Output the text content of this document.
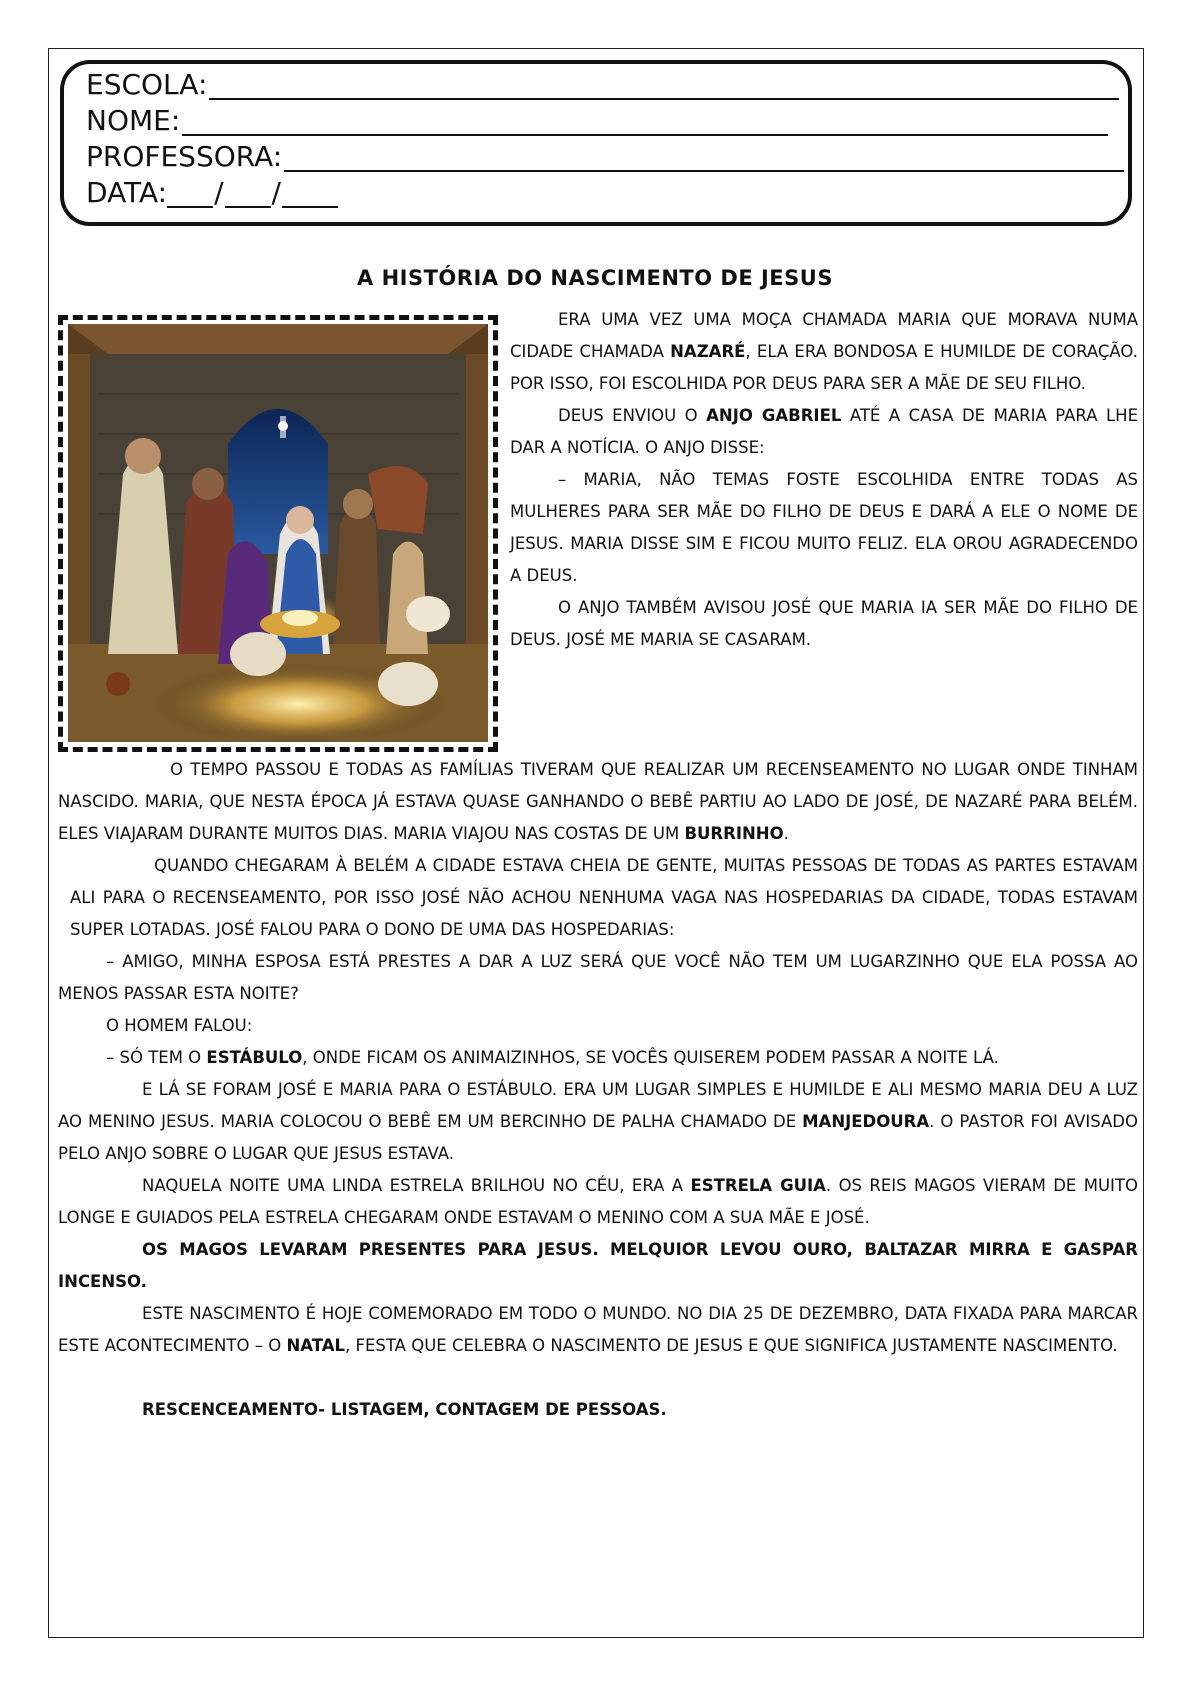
ESCOLA:
NOME:
PROFESSORA:
DATA: / /
A HISTÓRIA DO NASCIMENTO DE JESUS

ERA UMA VEZ UMA MOÇA CHAMADA MARIA QUE MORAVA NUMA CIDADE CHAMADA NAZARÉ, ELA ERA BONDOSA E HUMILDE DE CORAÇÃO. POR ISSO, FOI ESCOLHIDA POR DEUS PARA SER A MÃE DE SEU FILHO.

DEUS ENVIOU O ANJO GABRIEL ATÉ A CASA DE MARIA PARA LHE DAR A NOTÍCIA. O ANJO DISSE:

– MARIA, NÃO TEMAS FOSTE ESCOLHIDA ENTRE TODAS AS MULHERES PARA SER MÃE DO FILHO DE DEUS E DARÁ A ELE O NOME DE JESUS. MARIA DISSE SIM E FICOU MUITO FELIZ. ELA OROU AGRADECENDO A DEUS.

O ANJO TAMBÉM AVISOU JOSÉ QUE MARIA IA SER MÃE DO FILHO DE DEUS. JOSÉ ME MARIA SE CASARAM.

O TEMPO PASSOU E TODAS AS FAMÍLIAS TIVERAM QUE REALIZAR UM RECENSEAMENTO NO LUGAR ONDE TINHAM NASCIDO. MARIA, QUE NESTA ÉPOCA JÁ ESTAVA QUASE GANHANDO O BEBÊ PARTIU AO LADO DE JOSÉ, DE NAZARÉ PARA BELÉM. ELES VIAJARAM DURANTE MUITOS DIAS. MARIA VIAJOU NAS COSTAS DE UM BURRINHO.

QUANDO CHEGARAM À BELÉM A CIDADE ESTAVA CHEIA DE GENTE, MUITAS PESSOAS DE TODAS AS PARTES ESTAVAM ALI PARA O RECENSEAMENTO, POR ISSO JOSÉ NÃO ACHOU NENHUMA VAGA NAS HOSPEDARIAS DA CIDADE, TODAS ESTAVAM SUPER LOTADAS. JOSÉ FALOU PARA O DONO DE UMA DAS HOSPEDARIAS:

– AMIGO, MINHA ESPOSA ESTÁ PRESTES A DAR A LUZ SERÁ QUE VOCÊ NÃO TEM UM LUGARZINHO QUE ELA POSSA AO MENOS PASSAR ESTA NOITE?

O HOMEM FALOU:

– SÓ TEM O ESTÁBULO, ONDE FICAM OS ANIMAIZINHOS, SE VOCÊS QUISEREM PODEM PASSAR A NOITE LÁ.

E LÁ SE FORAM JOSÉ E MARIA PARA O ESTÁBULO. ERA UM LUGAR SIMPLES E HUMILDE E ALI MESMO MARIA DEU A LUZ AO MENINO JESUS. MARIA COLOCOU O BEBÊ EM UM BERCINHO DE PALHA CHAMADO DE MANJEDOURA. O PASTOR FOI AVISADO PELO ANJO SOBRE O LUGAR QUE JESUS ESTAVA.

NAQUELA NOITE UMA LINDA ESTRELA BRILHOU NO CÉU, ERA A ESTRELA GUIA. OS REIS MAGOS VIERAM DE MUITO LONGE E GUIADOS PELA ESTRELA CHEGARAM ONDE ESTAVAM O MENINO COM A SUA MÃE E JOSÉ.

OS MAGOS LEVARAM PRESENTES PARA JESUS. MELQUIOR LEVOU OURO, BALTAZAR MIRRA E GASPAR INCENSO.

ESTE NASCIMENTO É HOJE COMEMORADO EM TODO O MUNDO. NO DIA 25 DE DEZEMBRO, DATA FIXADA PARA MARCAR ESTE ACONTECIMENTO – O NATAL, FESTA QUE CELEBRA O NASCIMENTO DE JESUS E QUE SIGNIFICA JUSTAMENTE NASCIMENTO.

RESCENCEAMENTO- LISTAGEM, CONTAGEM DE PESSOAS.
